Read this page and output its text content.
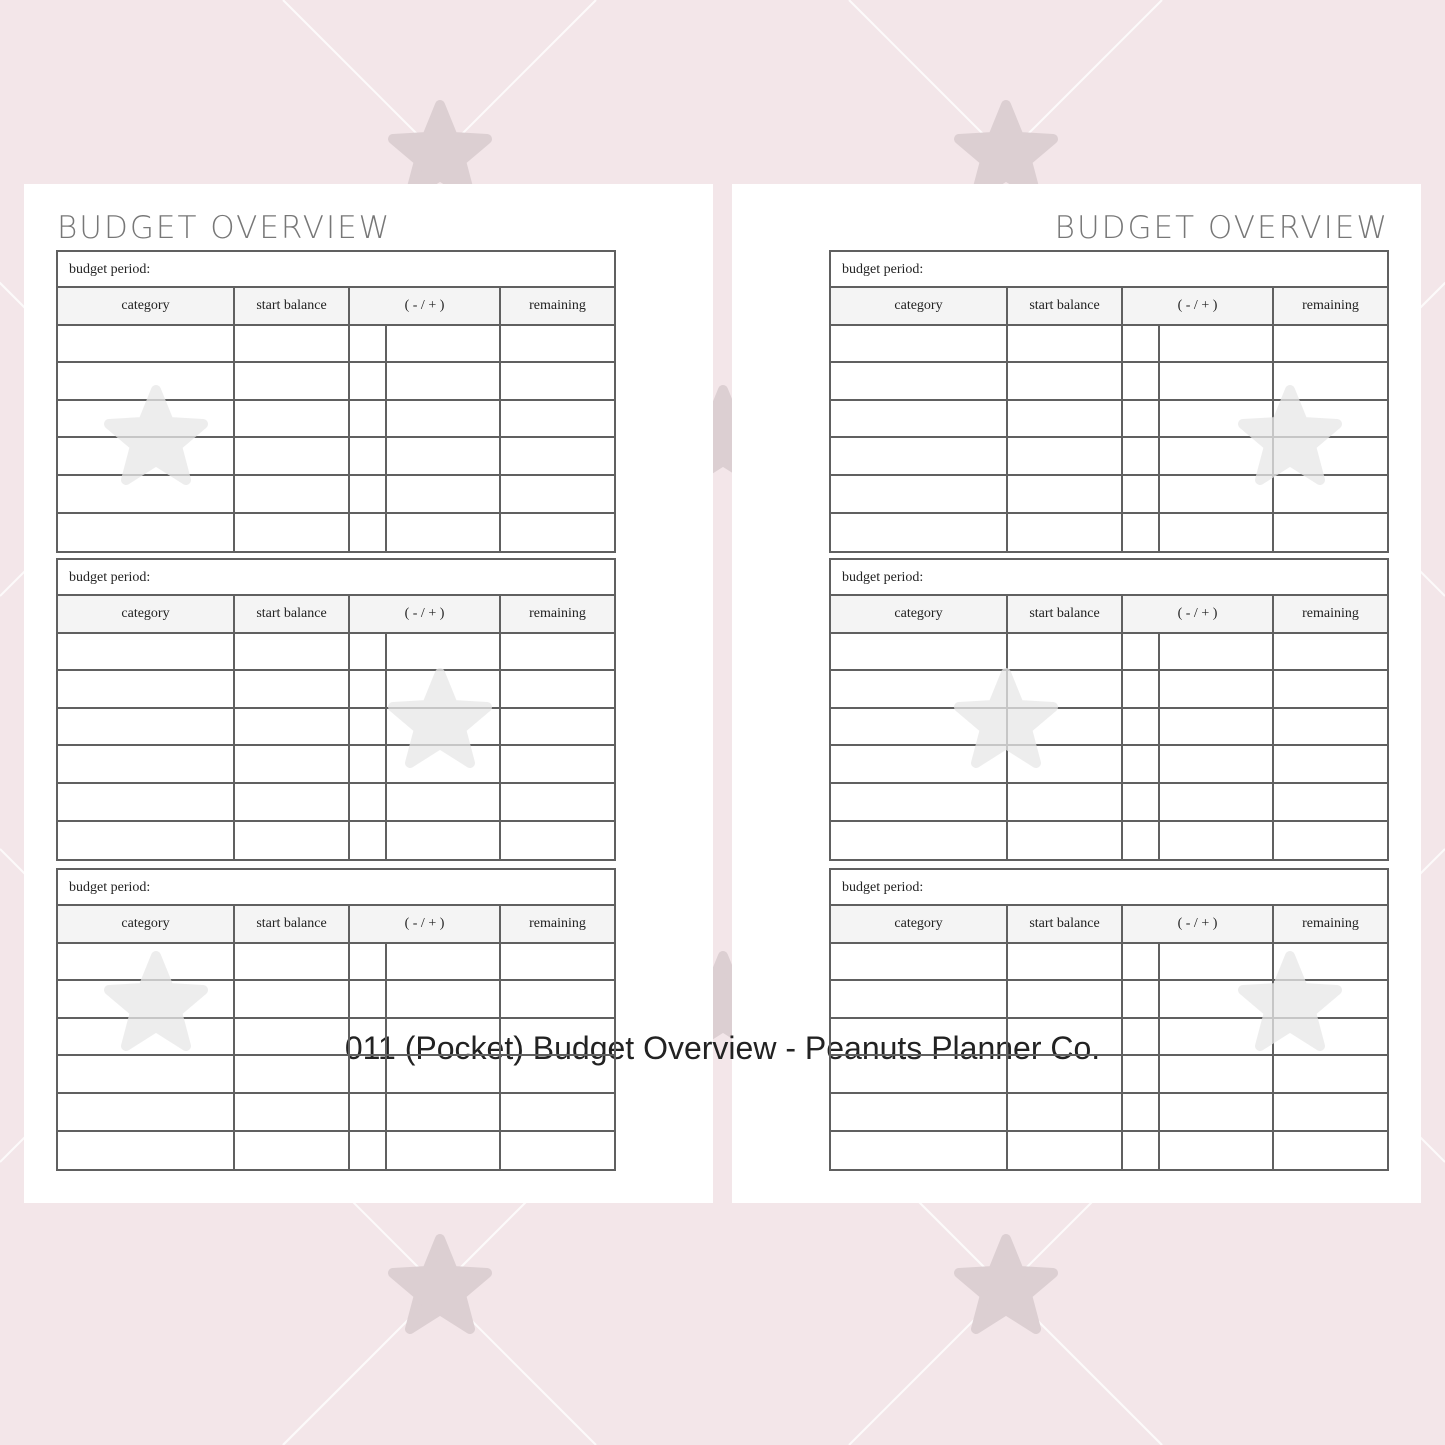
BUDGET OVERVIEW
budget period:
category	start balance	( - / + )	remaining
budget period:
category	start balance	( - / + )	remaining
budget period:
category	start balance	( - / + )	remaining
BUDGET OVERVIEW
budget period:
category	start balance	( - / + )	remaining
budget period:
category	start balance	( - / + )	remaining
budget period:
category	start balance	( - / + )	remaining
011 (Pocket) Budget Overview - Peanuts Planner Co.
